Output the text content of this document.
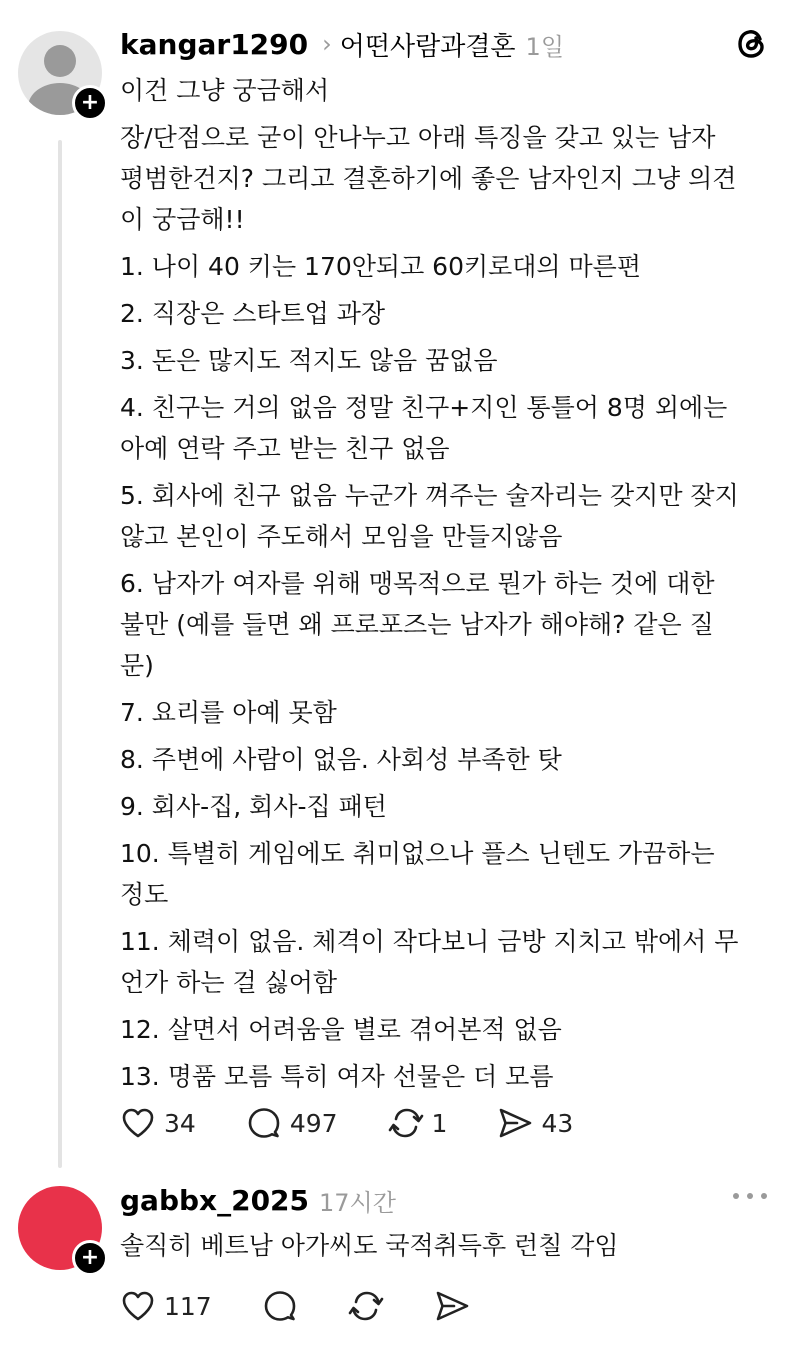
+
kangar1290 › 어떤사람과결혼 1일
이건 그냥 궁금해서
장/단점으로 굳이 안나누고 아래 특징을 갖고 있는 남자
평범한건지? 그리고 결혼하기에 좋은 남자인지 그냥 의견
이 궁금해!!
1. 나이 40 키는 170안되고 60키로대의 마른편
2. 직장은 스타트업 과장
3. 돈은 많지도 적지도 않음 꿈없음
4. 친구는 거의 없음 정말 친구+지인 통틀어 8명 외에는
아예 연락 주고 받는 친구 없음
5. 회사에 친구 없음 누군가 껴주는 술자리는 갖지만 잦지
않고 본인이 주도해서 모임을 만들지않음
6. 남자가 여자를 위해 맹목적으로 뭔가 하는 것에 대한
불만 (예를 들면 왜 프로포즈는 남자가 해야해? 같은 질
문)
7. 요리를 아예 못함
8. 주변에 사람이 없음. 사회성 부족한 탓
9. 회사-집, 회사-집 패턴
10. 특별히 게임에도 취미없으나 플스 닌텐도 가끔하는
정도
11. 체력이 없음. 체격이 작다보니 금방 지치고 밖에서 무
언가 하는 걸 싫어함
12. 살면서 어려움을 별로 겪어본적 없음
13. 명품 모름 특히 여자 선물은 더 모름
34	497	1	43
+
gabbx_2025 17시간
솔직히 베트남 아가씨도 국적취득후 런칠 각임
117
